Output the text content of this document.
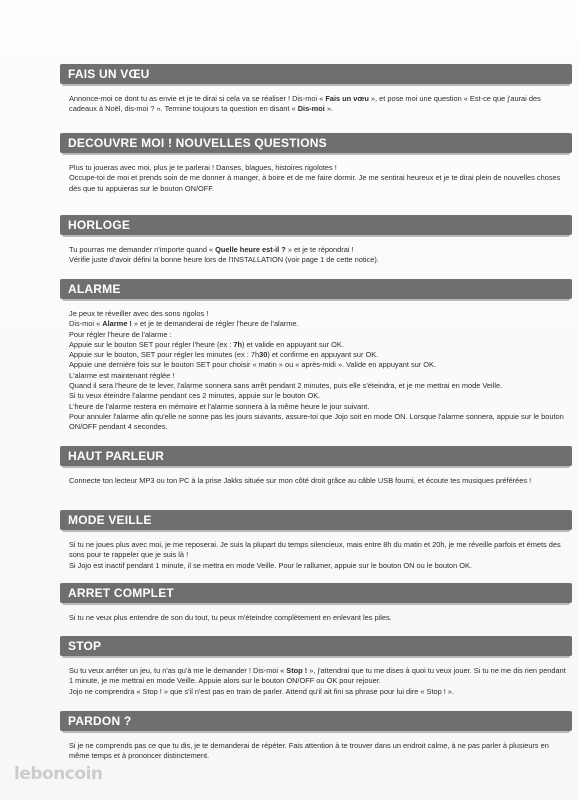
FAIS UN VŒU

Annonce-moi ce dont tu as envie et je te dirai si cela va se réaliser ! Dis-moi « Fais un vœu », et pose moi une question « Est-ce que j'aurai des cadeaux à Noël, dis-moi ? ». Termine toujours ta question en disant « Dis-moi ».

DECOUVRE MOI ! NOUVELLES QUESTIONS

Plus tu joueras avec moi, plus je te parlerai ! Danses, blagues, histoires rigolotes !

Occupe-toi de moi et prends soin de me donner à manger, à boire et de me faire dormir. Je me sentirai heureux et je te dirai plein de nouvelles choses dès que tu appuieras sur le bouton ON/OFF.

HORLOGE

Tu pourras me demander n'importe quand « Quelle heure est-il ? » et je te répondrai !

Vérifie juste d'avoir défini la bonne heure lors de l'INSTALLATION (voir page 1 de cette notice).

ALARME

Je peux te réveiller avec des sons rigolos !

Dis-moi « Alarme ! » et je te demanderai de régler l'heure de l'alarme.

Pour régler l'heure de l'alarme :

Appuie sur le bouton SET pour régler l'heure (ex : 7h) et valide en appuyant sur OK.

Appuie sur le bouton, SET pour régler les minutes (ex : 7h30) et confirme en appuyant sur OK.

Appuie une dernière fois sur le bouton SET pour choisir « matin » ou « après-midi ». Valide en appuyant sur OK.

L'alarme est maintenant réglée !

Quand il sera l'heure de te lever, l'alarme sonnera sans arrêt pendant 2 minutes, puis elle s'éteindra, et je me mettrai en mode Veille.

Si tu veux éteindre l'alarme pendant ces 2 minutes, appuie sur le bouton OK.

L'heure de l'alarme restera en mémoire et l'alarme sonnera à la même heure le jour suivant.

Pour annuler l'alarme afin qu'elle ne sonne pas les jours suivants, assure-toi que Jojo soit en mode ON. Lorsque l'alarme sonnera, appuie sur le bouton ON/OFF pendant 4 secondes.

HAUT PARLEUR

Connecte ton lecteur MP3 ou ton PC à la prise Jakks située sur mon côté droit grâce au câble USB fourni, et écoute tes musiques préférées !

MODE VEILLE

Si tu ne joues plus avec moi, je me reposerai. Je suis la plupart du temps silencieux, mais entre 8h du matin et 20h, je me réveille parfois et émets des sons pour te rappeler que je suis là !

Si Jojo est inactif pendant 1 minute, il se mettra en mode Veille. Pour le rallumer, appuie sur le bouton ON ou le bouton OK.

ARRET COMPLET

Si tu ne veux plus entendre de son du tout, tu peux m'éteindre complètement en enlevant les piles.

STOP

Su tu veux arrêter un jeu, tu n'as qu'à me le demander ! Dis-moi « Stop ! », j'attendrai que tu me dises à quoi tu veux jouer. Si tu ne me dis rien pendant 1 minute, je me mettrai en mode Veille. Appuie alors sur le bouton ON/OFF ou OK pour rejouer.

Jojo ne comprendra « Stop ! » que s'il n'est pas en train de parler. Attend qu'il ait fini sa phrase pour lui dire « Stop ! ».

PARDON ?

Si je ne comprends pas ce que tu dis, je te demanderai de répéter. Fais attention à te trouver dans un endroit calme, à ne pas parler à plusieurs en même temps et à prononcer distinctement.

leboncoin
